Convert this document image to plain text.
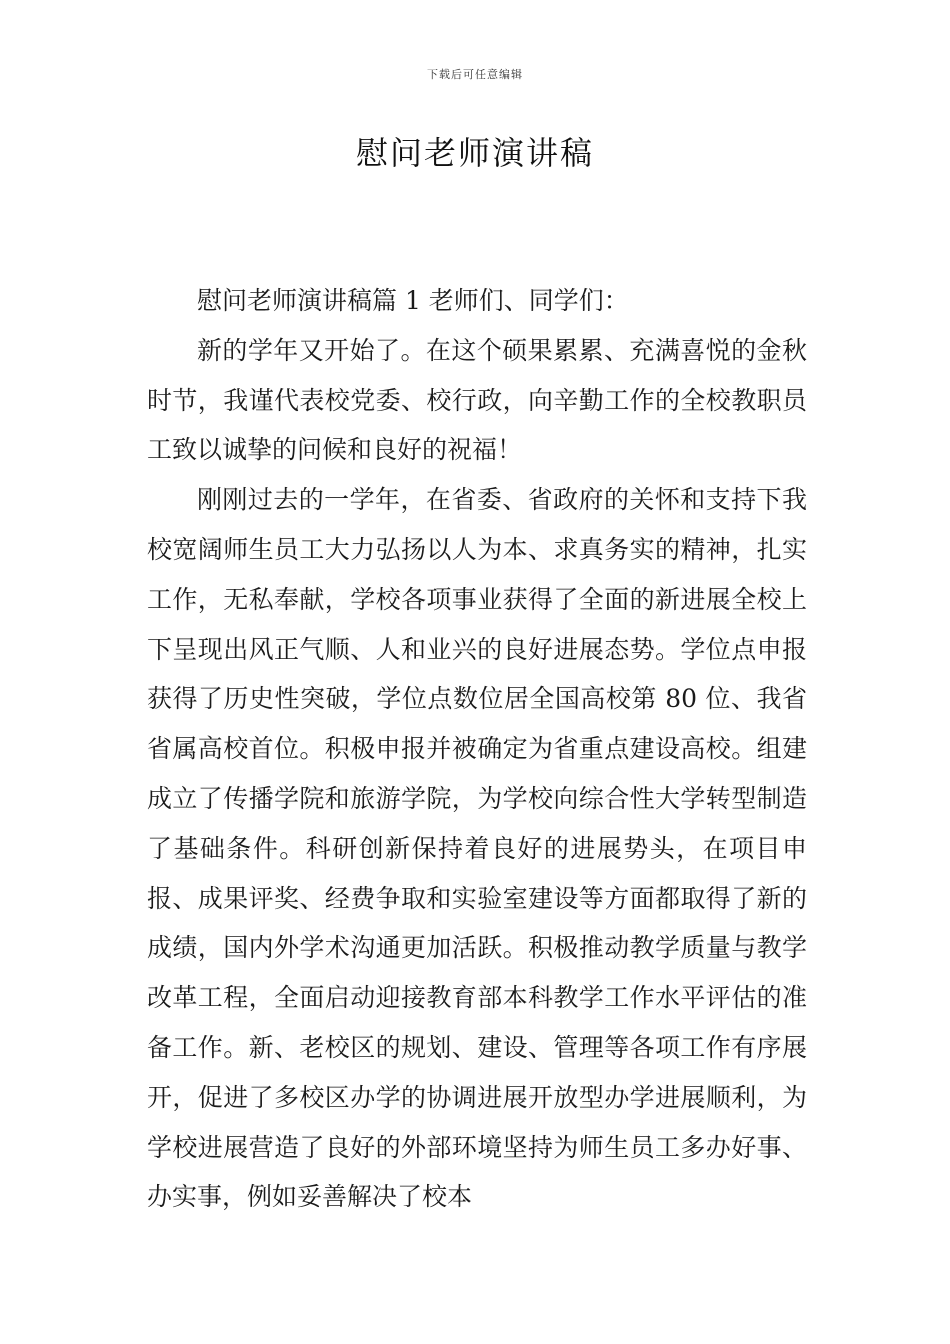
下载后可任意编辑
慰问老师演讲稿

慰问老师演讲稿篇 1 老师们、同学们：

新的学年又开始了。在这个硕果累累、充满喜悦的金秋时节，我谨代表校党委、校行政，向辛勤工作的全校教职员工致以诚挚的问候和良好的祝福！

刚刚过去的一学年，在省委、省政府的关怀和支持下我校宽阔师生员工大力弘扬以人为本、求真务实的精神，扎实工作，无私奉献，学校各项事业获得了全面的新进展全校上下呈现出风正气顺、人和业兴的良好进展态势。学位点申报获得了历史性突破，学位点数位居全国高校第 80 位、我省省属高校首位。积极申报并被确定为省重点建设高校。组建成立了传播学院和旅游学院，为学校向综合性大学转型制造了基础条件。科研创新保持着良好的进展势头，在项目申报、成果评奖、经费争取和实验室建设等方面都取得了新的成绩，国内外学术沟通更加活跃。积极推动教学质量与教学改革工程，全面启动迎接教育部本科教学工作水平评估的准备工作。新、老校区的规划、建设、管理等各项工作有序展开，促进了多校区办学的协调进展开放型办学进展顺利，为学校进展营造了良好的外部环境坚持为师生员工多办好事、办实事，例如妥善解决了校本
